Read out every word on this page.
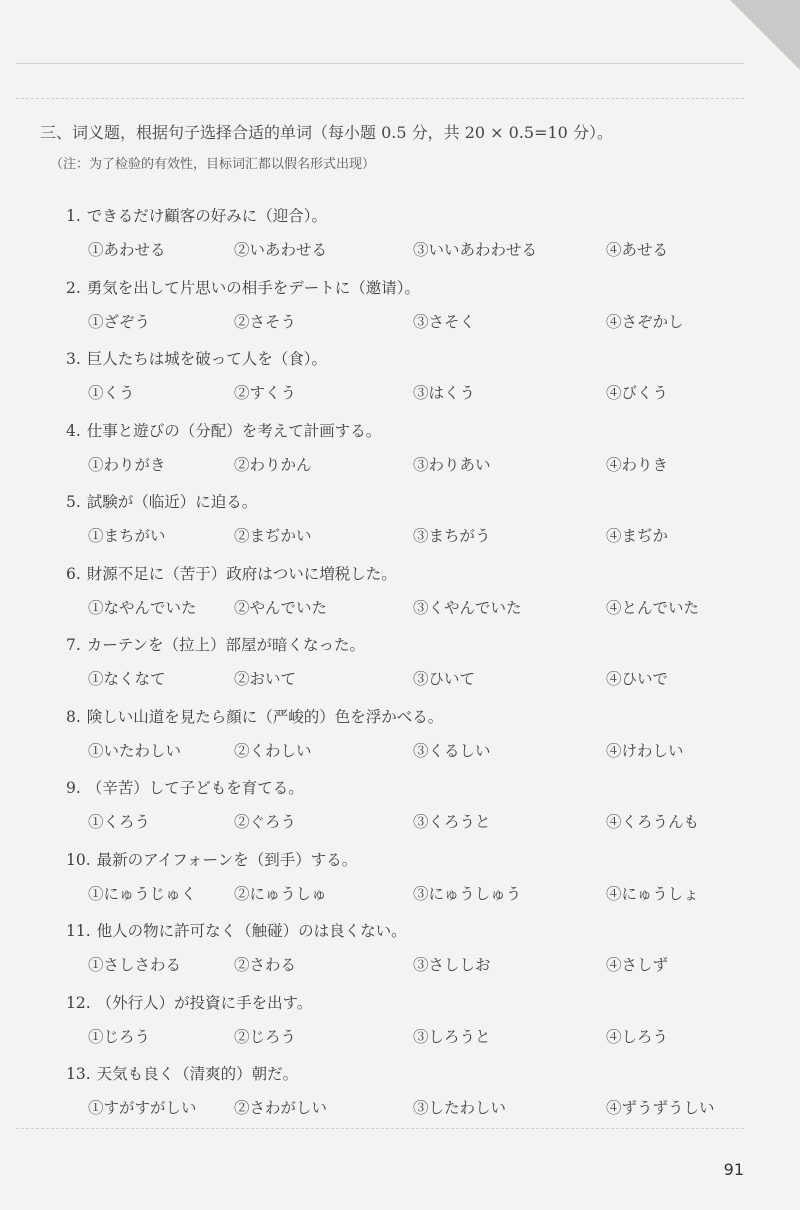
三、词义题，根据句子选择合适的单词（每小题 0.5 分，共 20 × 0.5=10 分）。
（注：为了检验的有效性，目标词汇都以假名形式出现）
1. できるだけ顧客の好みに（迎合）。
①あわせる	②いあわせる	③いいあわわせる	④あせる
2. 勇気を出して片思いの相手をデートに（邀请）。
①ざぞう	②さそう	③さそく	④さぞかし
3. 巨人たちは城を破って人を（食）。
①くう	②すくう	③はくう	④びくう
4. 仕事と遊びの（分配）を考えて計画する。
①わりがき	②わりかん	③わりあい	④わりき
5. 試験が（临近）に迫る。
①まちがい	②まぢかい	③まちがう	④まぢか
6. 財源不足に（苦于）政府はついに増税した。
①なやんでいた ②やんでいた	③くやんでいた	④とんでいた
7. カーテンを（拉上）部屋が暗くなった。
①なくなて	②おいて	③ひいて	④ひいで
8. 険しい山道を見たら顔に（严峻的）色を浮かべる。
①いたわしい	②くわしい	③くるしい	④けわしい
9. （辛苦）して子どもを育てる。
①くろう	②ぐろう	③くろうと	④くろうんも
10. 最新のアイフォーンを（到手）する。
①にゅうじゅく ②にゅうしゅ	③にゅうしゅう	④にゅうしょ
11. 他人の物に許可なく（触碰）のは良くない。
①さしさわる	②さわる	③さししお	④さしず
12. （外行人）が投資に手を出す。
①じろう	②じろう	③しろうと	④しろう
13. 天気も良く（清爽的）朝だ。
①すがすがしい ②さわがしい	③したわしい	④ずうずうしい
91
